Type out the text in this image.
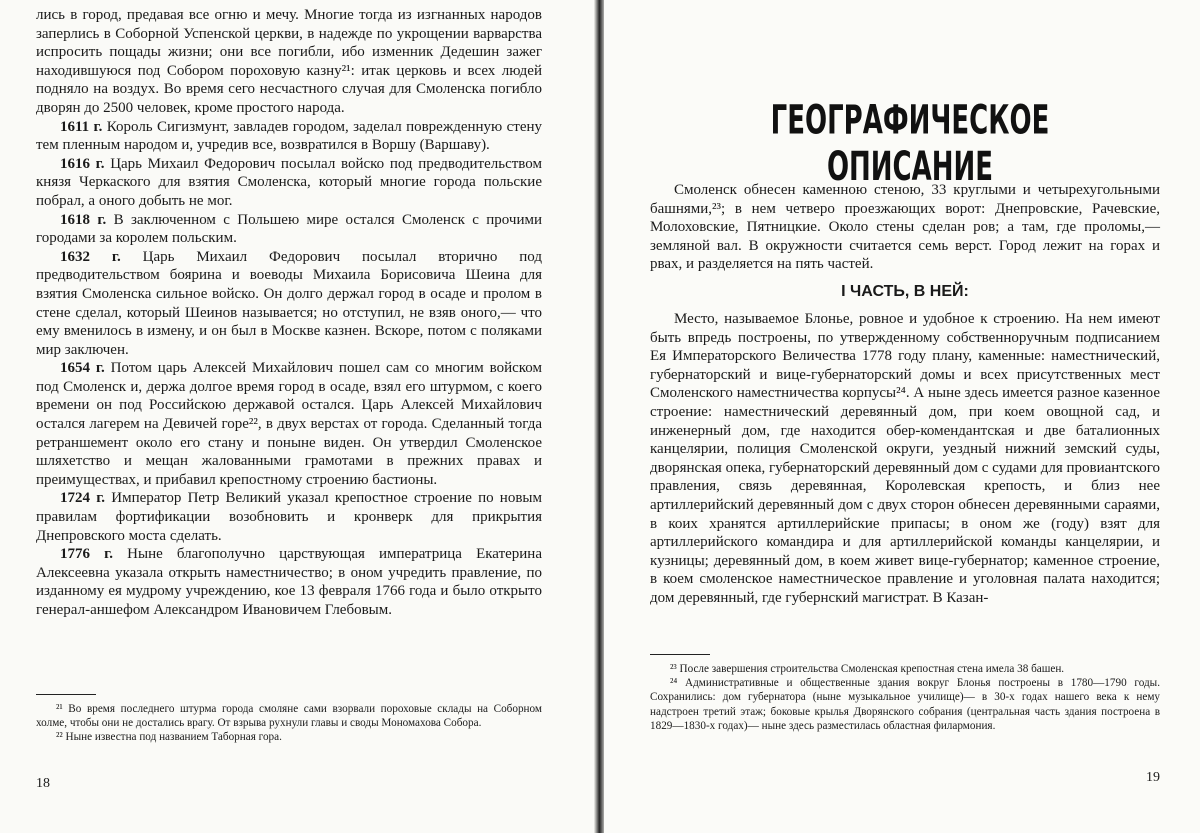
лись в город, предавая все огню и мечу. Многие тогда из изгнанных народов заперлись в Соборной Успенской церкви, в надежде по укрощении варварства испросить пощады жизни; они все погибли, ибо изменник Дедешин зажег находившуюся под Собором пороховую казну²¹: итак церковь и всех людей подняло на воздух. Во время сего несчастного случая для Смоленска погибло дворян до 2500 человек, кроме простого народа.

1611 г. Король Сигизмунт, завладев городом, заделал поврежденную стену тем пленным народом и, учредив все, возвратился в Воршу (Варшаву).

1616 г. Царь Михаил Федорович посылал войско под предводительством князя Черкаского для взятия Смоленска, который многие города польские побрал, а оного добыть не мог.

1618 г. В заключенном с Польшею мире остался Смоленск с прочими городами за королем польским.

1632 г. Царь Михаил Федорович посылал вторично под предводительством боярина и воеводы Михаила Борисовича Шеина для взятия Смоленска сильное войско. Он долго держал город в осаде и пролом в стене сделал, который Шеинов называется; но отступил, не взяв оного,— что ему вменилось в измену, и он был в Москве казнен. Вскоре, потом с поляками мир заключен.

1654 г. Потом царь Алексей Михайлович пошел сам со многим войском под Смоленск и, держа долгое время город в осаде, взял его штурмом, с коего времени он под Российскою державой остался. Царь Алексей Михайлович остался лагерем на Девичей горе²², в двух верстах от города. Сделанный тогда ретраншемент около его стану и поныне виден. Он утвердил Смоленское шляхетство и мещан жалованными грамотами в прежних правах и преимуществах, и прибавил крепостному строению бастионы.

1724 г. Император Петр Великий указал крепостное строение по новым правилам фортификации возобновить и кронверк для прикрытия Днепровского моста сделать.

1776 г. Ныне благополучно царствующая императрица Екатерина Алексеевна указала открыть наместничество; в оном учредить правление, по изданному ея мудрому учреждению, кое 13 февраля 1766 года и было открыто генерал-аншефом Александром Ивановичем Глебовым.

²¹ Во время последнего штурма города смоляне сами взорвали пороховые склады на Соборном холме, чтобы они не достались врагу. От взрыва рухнули главы и своды Мономахова Собора.

²² Ныне известна под названием Таборная гора.

18
ГЕОГРАФИЧЕСКОЕ ОПИСАНИЕ

Смоленск обнесен каменною стеною, 33 круглыми и четырехугольными башнями,²³; в нем четверо проезжающих ворот: Днепровские, Рачевские, Молоховские, Пятницкие. Около стены сделан ров; а там, где проломы,— земляной вал. В окружности считается семь верст. Город лежит на горах и рвах, и разделяется на пять частей.

I ЧАСТЬ, В НЕЙ:

Место, называемое Блонье, ровное и удобное к строению. На нем имеют быть впредь построены, по утвержденному собственноручным подписанием Ея Императорского Величества 1778 году плану, каменные: наместнический, губернаторский и вице-губернаторский домы и всех присутственных мест Смоленского наместничества корпусы²⁴. А ныне здесь имеется разное казенное строение: наместнический деревянный дом, при коем овощной сад, и инженерный дом, где находится обер-комендантская и две баталионных канцелярии, полиция Смоленской округи, уездный нижний земский суды, дворянская опека, губернаторский деревянный дом с судами для провиантского правления, связь деревянная, Королевская крепость, и близ нее артиллерийский деревянный дом с двух сторон обнесен деревянными сараями, в коих хранятся артиллерийские припасы; в оном же (году) взят для артиллерийского командира и для артиллерийской команды канцелярии, и кузницы; деревянный дом, в коем живет вице-губернатор; каменное строение, в коем смоленское наместническое правление и уголовная палата находится; дом деревянный, где губернский магистрат. В Казан-

²³ После завершения строительства Смоленская крепостная стена имела 38 башен.

²⁴ Административные и общественные здания вокруг Блонья построены в 1780—1790 годы. Сохранились: дом губернатора (ныне музыкальное училище)— в 30-х годах нашего века к нему надстроен третий этаж; боковые крылья Дворянского собрания (центральная часть здания построена в 1829—1830-х годах)— ныне здесь разместилась областная филармония.

19
